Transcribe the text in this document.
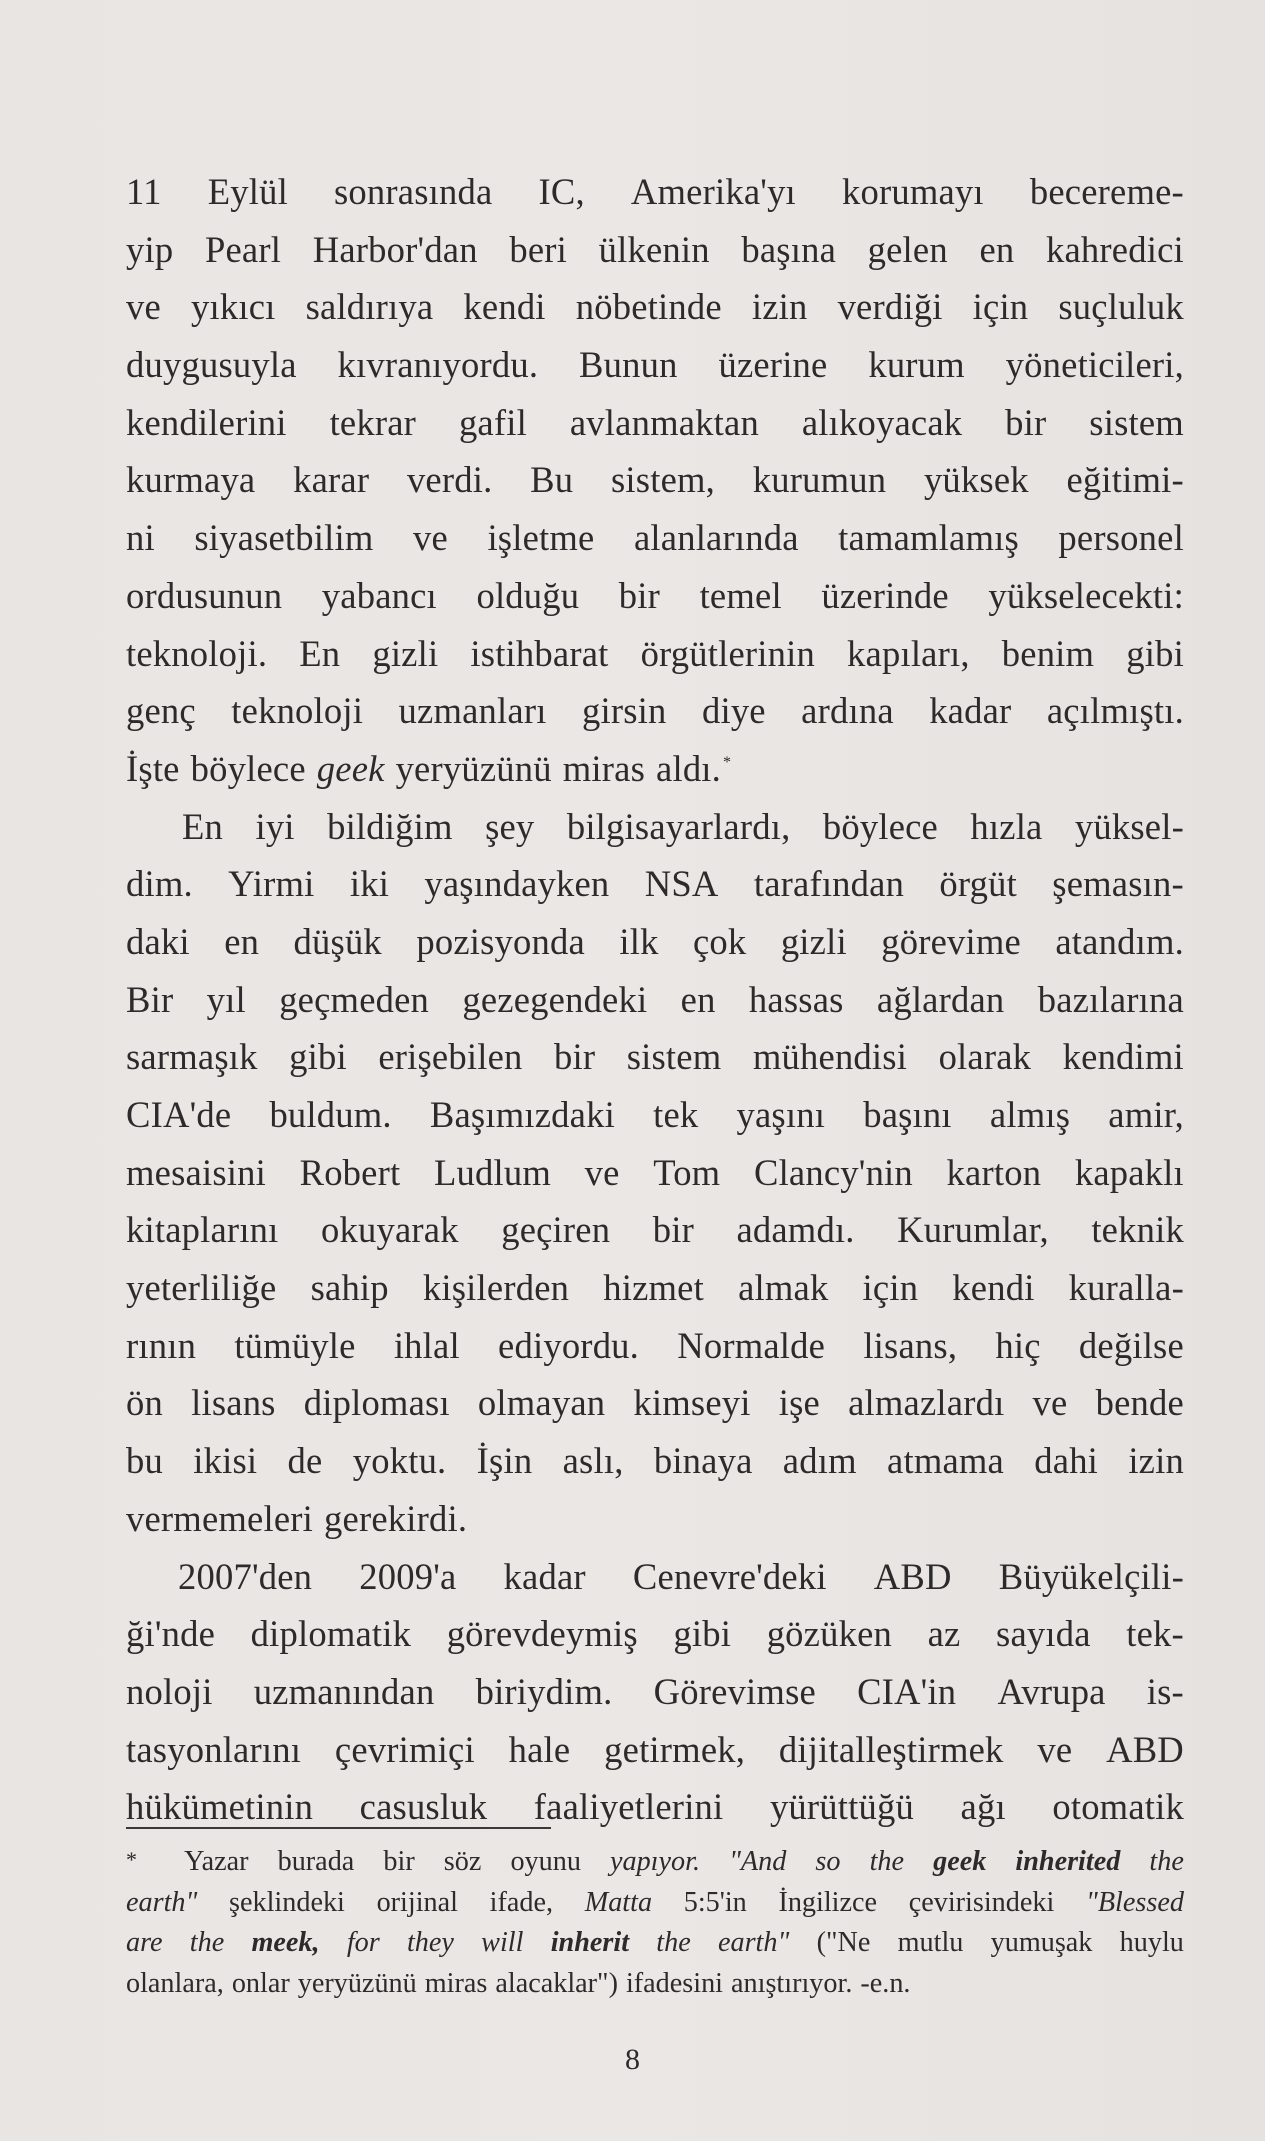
11 Eylül sonrasında IC, Amerika'yı korumayı becereme-
yip Pearl Harbor'dan beri ülkenin başına gelen en kahredici
ve yıkıcı saldırıya kendi nöbetinde izin verdiği için suçluluk
duygusuyla kıvranıyordu. Bunun üzerine kurum yöneticileri,
kendilerini tekrar gafil avlanmaktan alıkoyacak bir sistem
kurmaya karar verdi. Bu sistem, kurumun yüksek eğitimi-
ni siyasetbilim ve işletme alanlarında tamamlamış personel
ordusunun yabancı olduğu bir temel üzerinde yükselecekti:
teknoloji. En gizli istihbarat örgütlerinin kapıları, benim gibi
genç teknoloji uzmanları girsin diye ardına kadar açılmıştı.
İşte böylece geek yeryüzünü miras aldı. *
En iyi bildiğim şey bilgisayarlardı, böylece hızla yüksel-
dim. Yirmi iki yaşındayken NSA tarafından örgüt şemasın-
daki en düşük pozisyonda ilk çok gizli görevime atandım.
Bir yıl geçmeden gezegendeki en hassas ağlardan bazılarına
sarmaşık gibi erişebilen bir sistem mühendisi olarak kendimi
CIA'de buldum. Başımızdaki tek yaşını başını almış amir,
mesaisini Robert Ludlum ve Tom Clancy'nin karton kapaklı
kitaplarını okuyarak geçiren bir adamdı. Kurumlar, teknik
yeterliliğe sahip kişilerden hizmet almak için kendi kuralla-
rının tümüyle ihlal ediyordu. Normalde lisans, hiç değilse
ön lisans diploması olmayan kimseyi işe almazlardı ve bende
bu ikisi de yoktu. İşin aslı, binaya adım atmama dahi izin
vermemeleri gerekirdi.
2007'den 2009'a kadar Cenevre'deki ABD Büyükelçili-
ği'nde diplomatik görevdeymiş gibi gözüken az sayıda tek-
noloji uzmanından biriydim. Görevimse CIA'in Avrupa is-
tasyonlarını çevrimiçi hale getirmek, dijitalleştirmek ve ABD
hükümetinin casusluk faaliyetlerini yürüttüğü ağı otomatik
* Yazar burada bir söz oyunu yapıyor. "And so the geek inherited the
earth" şeklindeki orijinal ifade, Matta 5:5'in İngilizce çevirisindeki "Blessed
are the meek, for they will inherit the earth" ("Ne mutlu yumuşak huylu
olanlara, onlar yeryüzünü miras alacaklar") ifadesini anıştırıyor. -e.n.
8
